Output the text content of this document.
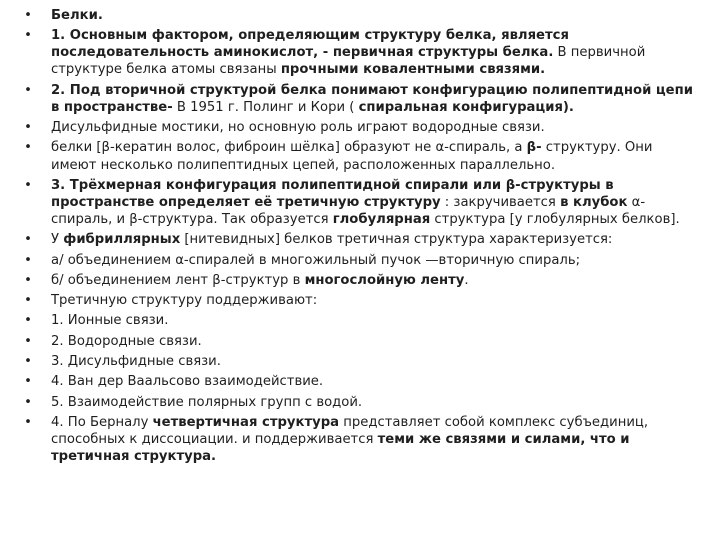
• Белки.
• 1. Основным фактором, определяющим структуру белка, является последовательность аминокислот, - первичная структуры белка. В первичной структуре белка атомы связаны прочными ковалентными связями.
• 2. Под вторичной структурой белка понимают конфигурацию полипептидной цепи в пространстве- В 1951 г. Полинг и Кори ( спиральная конфигурация).
• Дисульфидные мостики, но основную роль играют водородные связи.
• белки [β-кератин волос, фиброин шёлка] образуют не α-спираль, а β- структуру. Они имеют несколько полипептидных цепей, расположенных параллельно.
• 3. Трёхмерная конфигурация полипептидной спирали или β-структуры в пространстве определяет её третичную структуру : закручивается в клубок α- спираль, и β-структура. Так образуется глобулярная структура [у глобулярных белков].
• У фибриллярных [нитевидных] белков третичная структура характеризуется:
• а/ объединением α-спиралей в многожильный пучок —вторичную спираль;
• б/ объединением лент β-структур в многослойную ленту.
• Третичную структуру поддерживают:
• 1. Ионные связи.
• 2. Водородные связи.
• 3. Дисульфидные связи.
• 4. Ван дер Ваальсово взаимодействие.
• 5. Взаимодействие полярных групп с водой.
• 4. По Берналу четвертичная структура представляет собой комплекс субъединиц, способных к диссоциации. и поддерживается теми же связями и силами, что и третичная структура.
